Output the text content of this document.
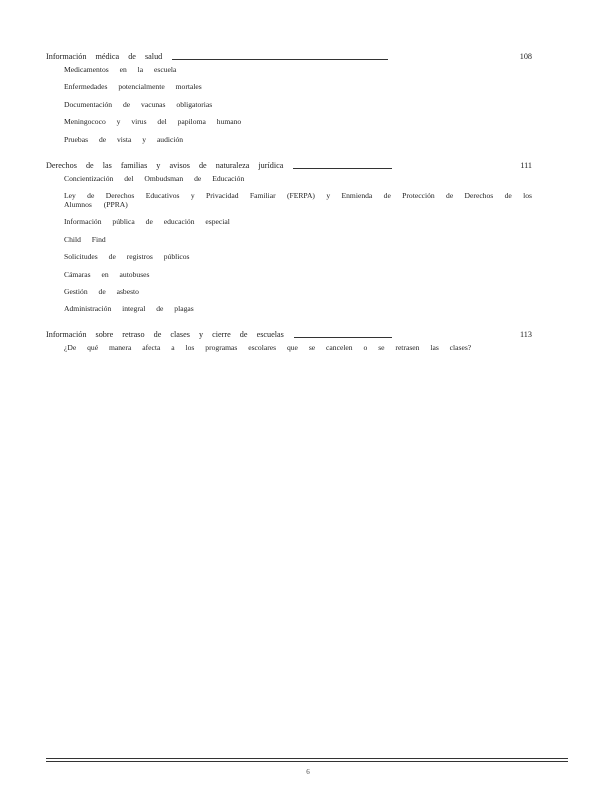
Información médica de salud	108
Medicamentos en la escuela
Enfermedades potencialmente mortales
Documentación de vacunas obligatorias
Meningococo y virus del papiloma humano
Pruebas de vista y audición
Derechos de las familias y avisos de naturaleza jurídica	111
Concientización del Ombudsman de Educación
Ley de Derechos Educativos y Privacidad Familiar (FERPA) y Enmienda de Protección de Derechos de los
Alumnos (PPRA)
Información pública de educación especial
Child Find
Solicitudes de registros públicos
Cámaras en autobuses
Gestión de asbesto
Administración integral de plagas
Información sobre retraso de clases y cierre de escuelas	113
¿De qué manera afecta a los programas escolares que se cancelen o se retrasen las clases?
6
